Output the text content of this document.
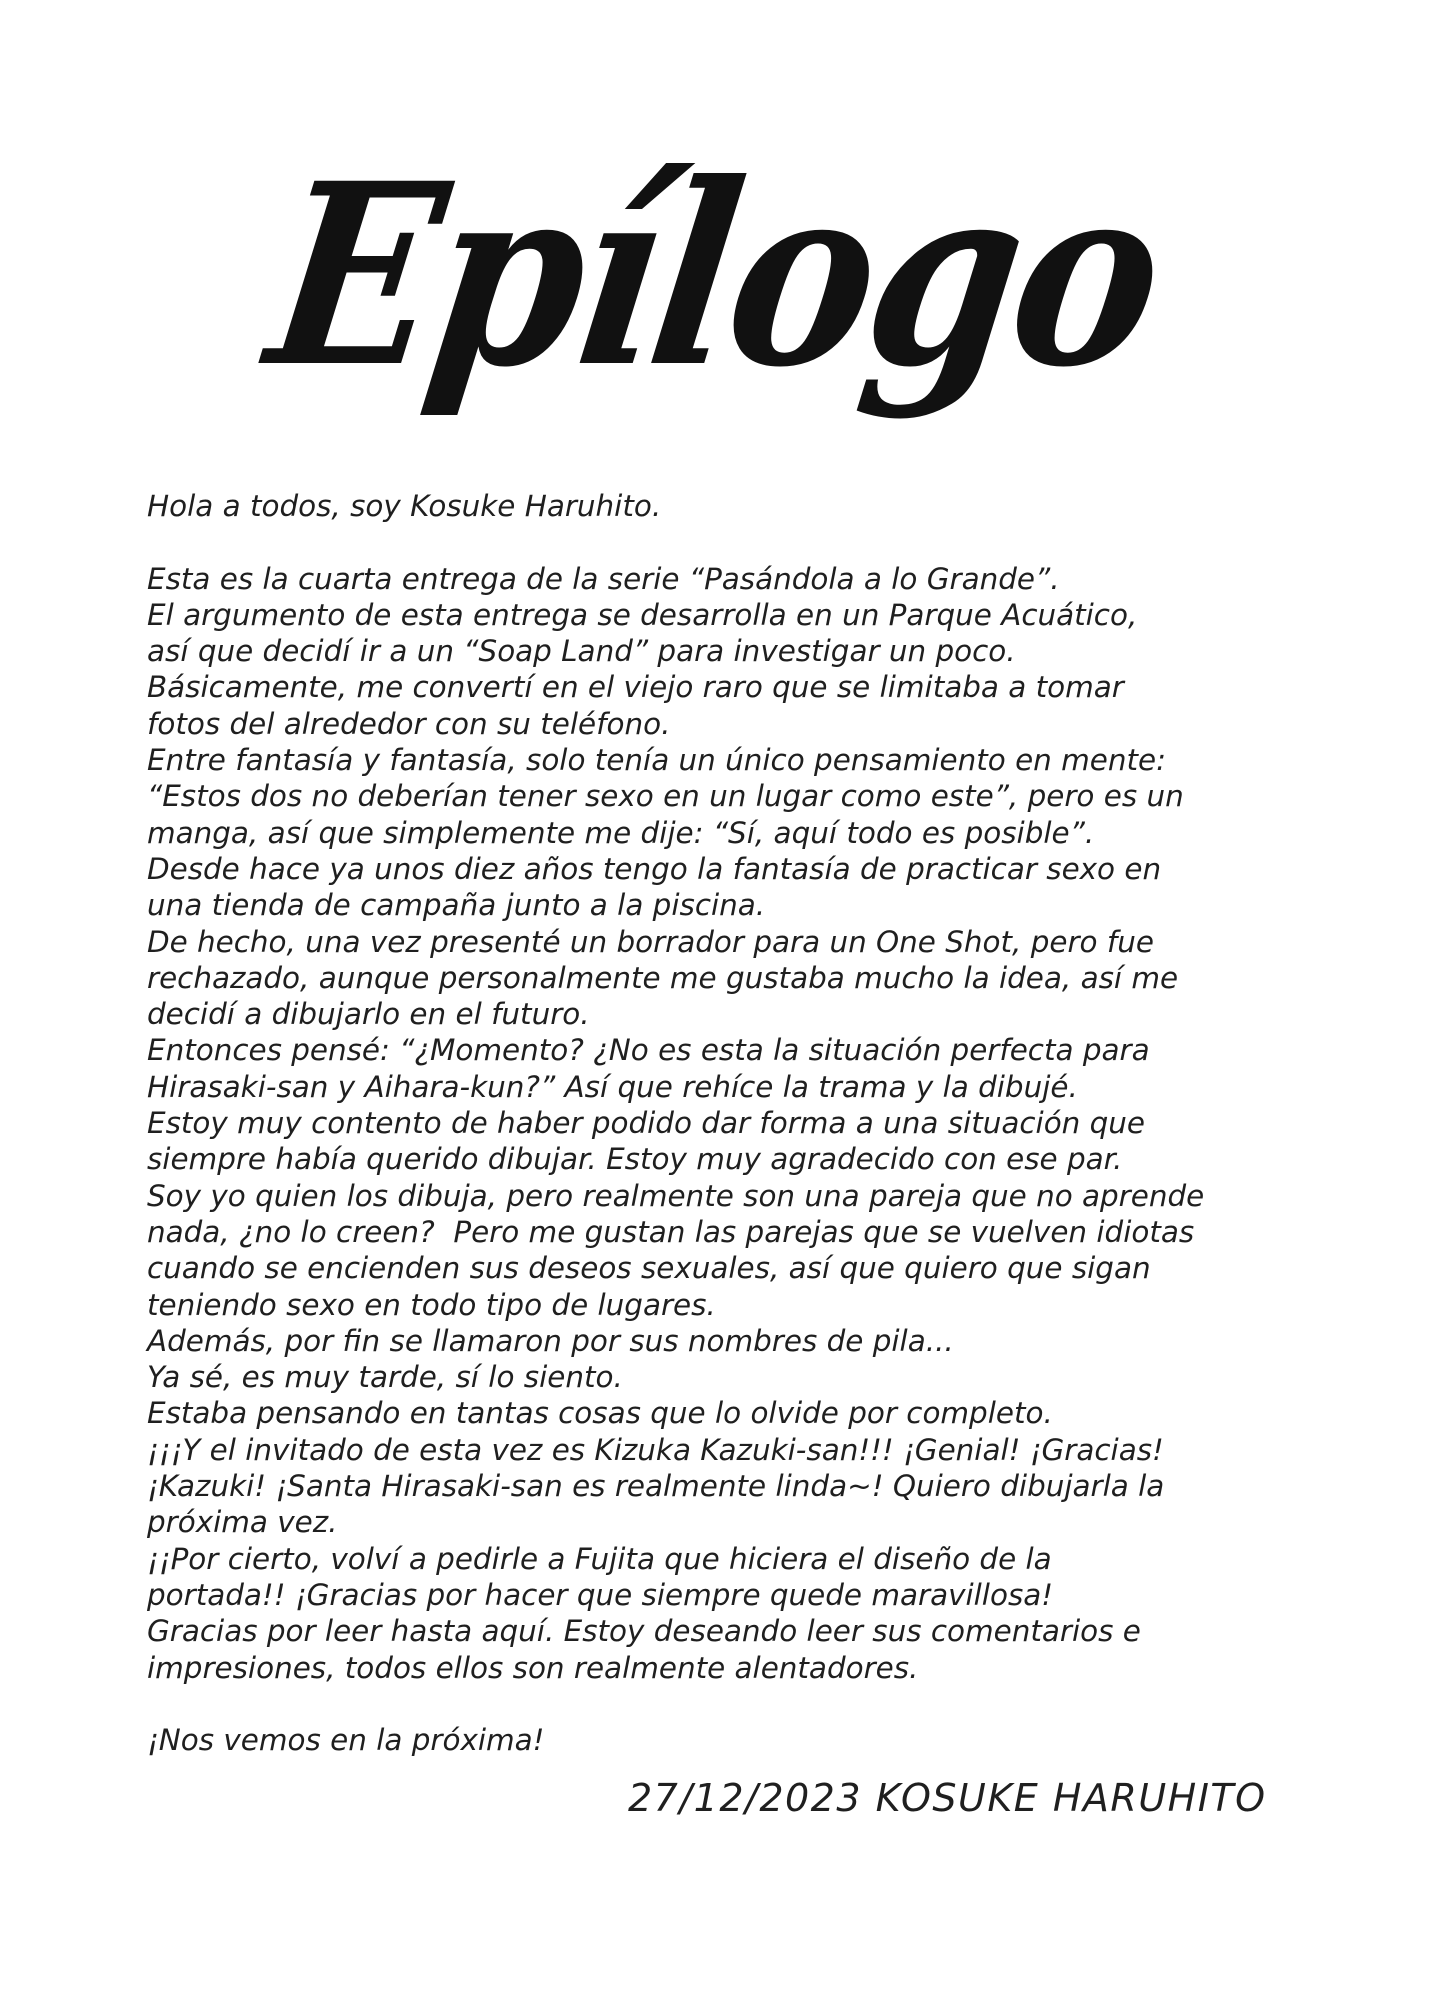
Epílogo
Hola a todos, soy Kosuke Haruhito.
Esta es la cuarta entrega de la serie “Pasándola a lo Grande”.
El argumento de esta entrega se desarrolla en un Parque Acuático,
así que decidí ir a un “Soap Land” para investigar un poco.
Básicamente, me convertí en el viejo raro que se limitaba a tomar
fotos del alrededor con su teléfono.
Entre fantasía y fantasía, solo tenía un único pensamiento en mente:
“Estos dos no deberían tener sexo en un lugar como este”, pero es un
manga, así que simplemente me dije: “Sí, aquí todo es posible”.
Desde hace ya unos diez años tengo la fantasía de practicar sexo en
una tienda de campaña junto a la piscina.
De hecho, una vez presenté un borrador para un One Shot, pero fue
rechazado, aunque personalmente me gustaba mucho la idea, así me
decidí a dibujarlo en el futuro.
Entonces pensé: “¿Momento? ¿No es esta la situación perfecta para
Hirasaki-san y Aihara-kun?” Así que rehíce la trama y la dibujé.
Estoy muy contento de haber podido dar forma a una situación que
siempre había querido dibujar. Estoy muy agradecido con ese par.
Soy yo quien los dibuja, pero realmente son una pareja que no aprende
nada, ¿no lo creen?  Pero me gustan las parejas que se vuelven idiotas
cuando se encienden sus deseos sexuales, así que quiero que sigan
teniendo sexo en todo tipo de lugares.
Además, por fin se llamaron por sus nombres de pila...
Ya sé, es muy tarde, sí lo siento.
Estaba pensando en tantas cosas que lo olvide por completo.
¡¡¡Y el invitado de esta vez es Kizuka Kazuki-san!!! ¡Genial! ¡Gracias!
¡Kazuki! ¡Santa Hirasaki-san es realmente linda~! Quiero dibujarla la
próxima vez.
¡¡Por cierto, volví a pedirle a Fujita que hiciera el diseño de la
portada!! ¡Gracias por hacer que siempre quede maravillosa!
Gracias por leer hasta aquí. Estoy deseando leer sus comentarios e
impresiones, todos ellos son realmente alentadores.
¡Nos vemos en la próxima!
27/12/2023 KOSUKE HARUHITO
